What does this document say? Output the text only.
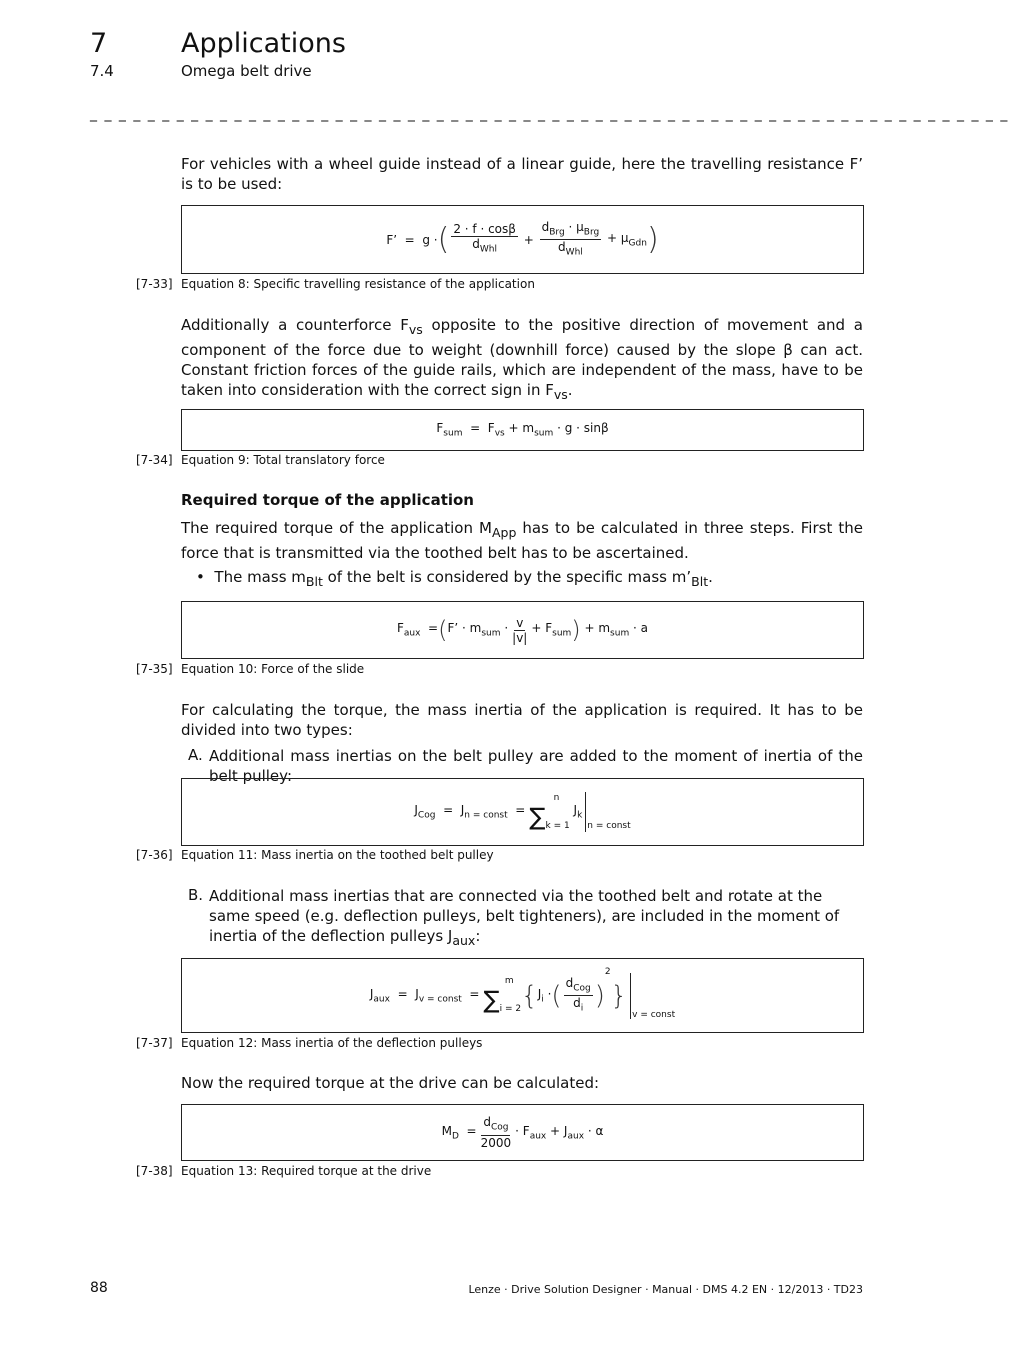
7	Applications
7.4	Omega belt drive
_ _ _ _ _ _ _ _ _ _ _ _ _ _ _ _ _ _ _ _ _ _ _ _ _ _ _ _ _ _ _ _ _ _ _ _ _ _ _ _ _ _ _ _ _ _ _ _ _ _ _ _ _ _ _ _ _ _ _ _ _ _ _ _
For vehicles with a wheel guide instead of a linear guide, here the travelling resistance F’ is to be used:
F’  =  g · ( $\frac{2 \cdot f \cdot \cos\beta}{d_{Whl}} + \frac{d_{Brg} \cdot \mu_{Brg}}{d_{Whl}} + \mu_{Gdn}$ )
[7-33] Equation 8: Specific travelling resistance of the application
Additionally a counterforce $F_{vs}$ opposite to the positive direction of movement and a component of the force due to weight (downhill force) caused by the slope β can act. Constant friction forces of the guide rails, which are independent of the mass, have to be taken into consideration with the correct sign in $F_{vs}$.
$F_{sum} = F_{vs} + m_{sum} \cdot g \cdot \sin\beta$
[7-34] Equation 9: Total translatory force
Required torque of the application
The required torque of the application $M_{App}$ has to be calculated in three steps. First the force that is transmitted via the toothed belt has to be ascertained.
• The mass $m_{Blt}$ of the belt is considered by the specific mass $m’_{Blt}$.
$F_{aux}$  = ( F’ · $m_{sum} \cdot \frac{v}{|v|} + F_{sum}$ ) + $m_{sum} \cdot a$
[7-35] Equation 10: Force of the slide
For calculating the torque, the mass inertia of the application is required. It has to be divided into two types:
A. Additional mass inertias on the belt pulley are added to the moment of inertia of the belt pulley:
$J_{Cog} = J_{n = const}$  =
n
∑ k = 1
$J_k$
n = const
[7-36] Equation 11: Mass inertia on the toothed belt pulley
B. Additional mass inertias that are connected via the toothed belt and rotate at the same speed (e.g. deflection pulleys, belt tighteners), are included in the moment of inertia of the deflection pulleys $J_{aux}$:
$J_{aux} = J_{v = const}$  =
m
∑ i = 2 { $J_i$ · ( $\frac{d_{Cog}}{d_i}$ )
2
}
v = const
[7-37] Equation 12: Mass inertia of the deflection pulleys
Now the required torque at the drive can be calculated:
$M_D = \frac{d_{Cog}}{2000} \cdot F_{aux} + J_{aux} \cdot \alpha$
[7-38] Equation 13: Required torque at the drive
88	Lenze · Drive Solution Designer · Manual · DMS 4.2 EN · 12/2013 · TD23
